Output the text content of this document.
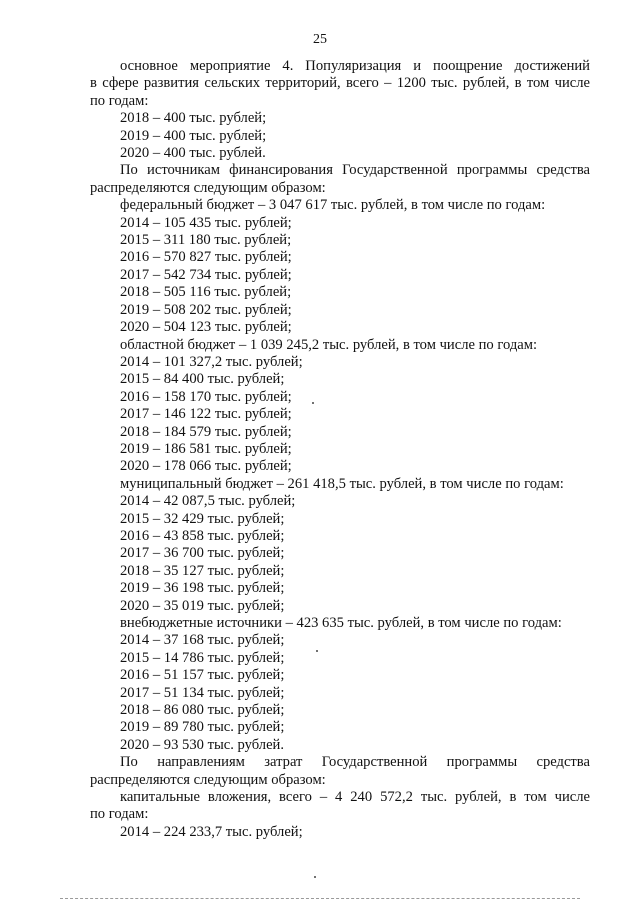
25

основное мероприятие 4. Популяризация и поощрение достижений

в сфере развития сельских территорий, всего – 1200 тыс. рублей, в том числе

по годам:

2018 – 400 тыс. рублей;

2019 – 400 тыс. рублей;

2020 – 400 тыс. рублей.

По источникам финансирования Государственной программы средства

распределяются следующим образом:

федеральный бюджет – 3 047 617 тыс. рублей, в том числе по годам:

2014 – 105 435 тыс. рублей;

2015 – 311 180 тыс. рублей;

2016 – 570 827 тыс. рублей;

2017 – 542 734 тыс. рублей;

2018 – 505 116 тыс. рублей;

2019 – 508 202 тыс. рублей;

2020 – 504 123 тыс. рублей;

областной бюджет – 1 039 245,2 тыс. рублей, в том числе по годам:

2014 – 101 327,2 тыс. рублей;

2015 – 84 400 тыс. рублей;

2016 – 158 170 тыс. рублей;

2017 – 146 122 тыс. рублей;

2018 – 184 579 тыс. рублей;

2019 – 186 581 тыс. рублей;

2020 – 178 066 тыс. рублей;

муниципальный бюджет – 261 418,5 тыс. рублей, в том числе по годам:

2014 – 42 087,5 тыс. рублей;

2015 – 32 429 тыс. рублей;

2016 – 43 858 тыс. рублей;

2017 – 36 700 тыс. рублей;

2018 – 35 127 тыс. рублей;

2019 – 36 198 тыс. рублей;

2020 – 35 019 тыс. рублей;

внебюджетные источники – 423 635 тыс. рублей, в том числе по годам:

2014 – 37 168 тыс. рублей;

2015 – 14 786 тыс. рублей;

2016 – 51 157 тыс. рублей;

2017 – 51 134 тыс. рублей;

2018 – 86 080 тыс. рублей;

2019 – 89 780 тыс. рублей;

2020 – 93 530 тыс. рублей.

По направлениям затрат Государственной программы средства

распределяются следующим образом:

капитальные вложения, всего – 4 240 572,2 тыс. рублей, в том числе

по годам:

2014 – 224 233,7 тыс. рублей;
